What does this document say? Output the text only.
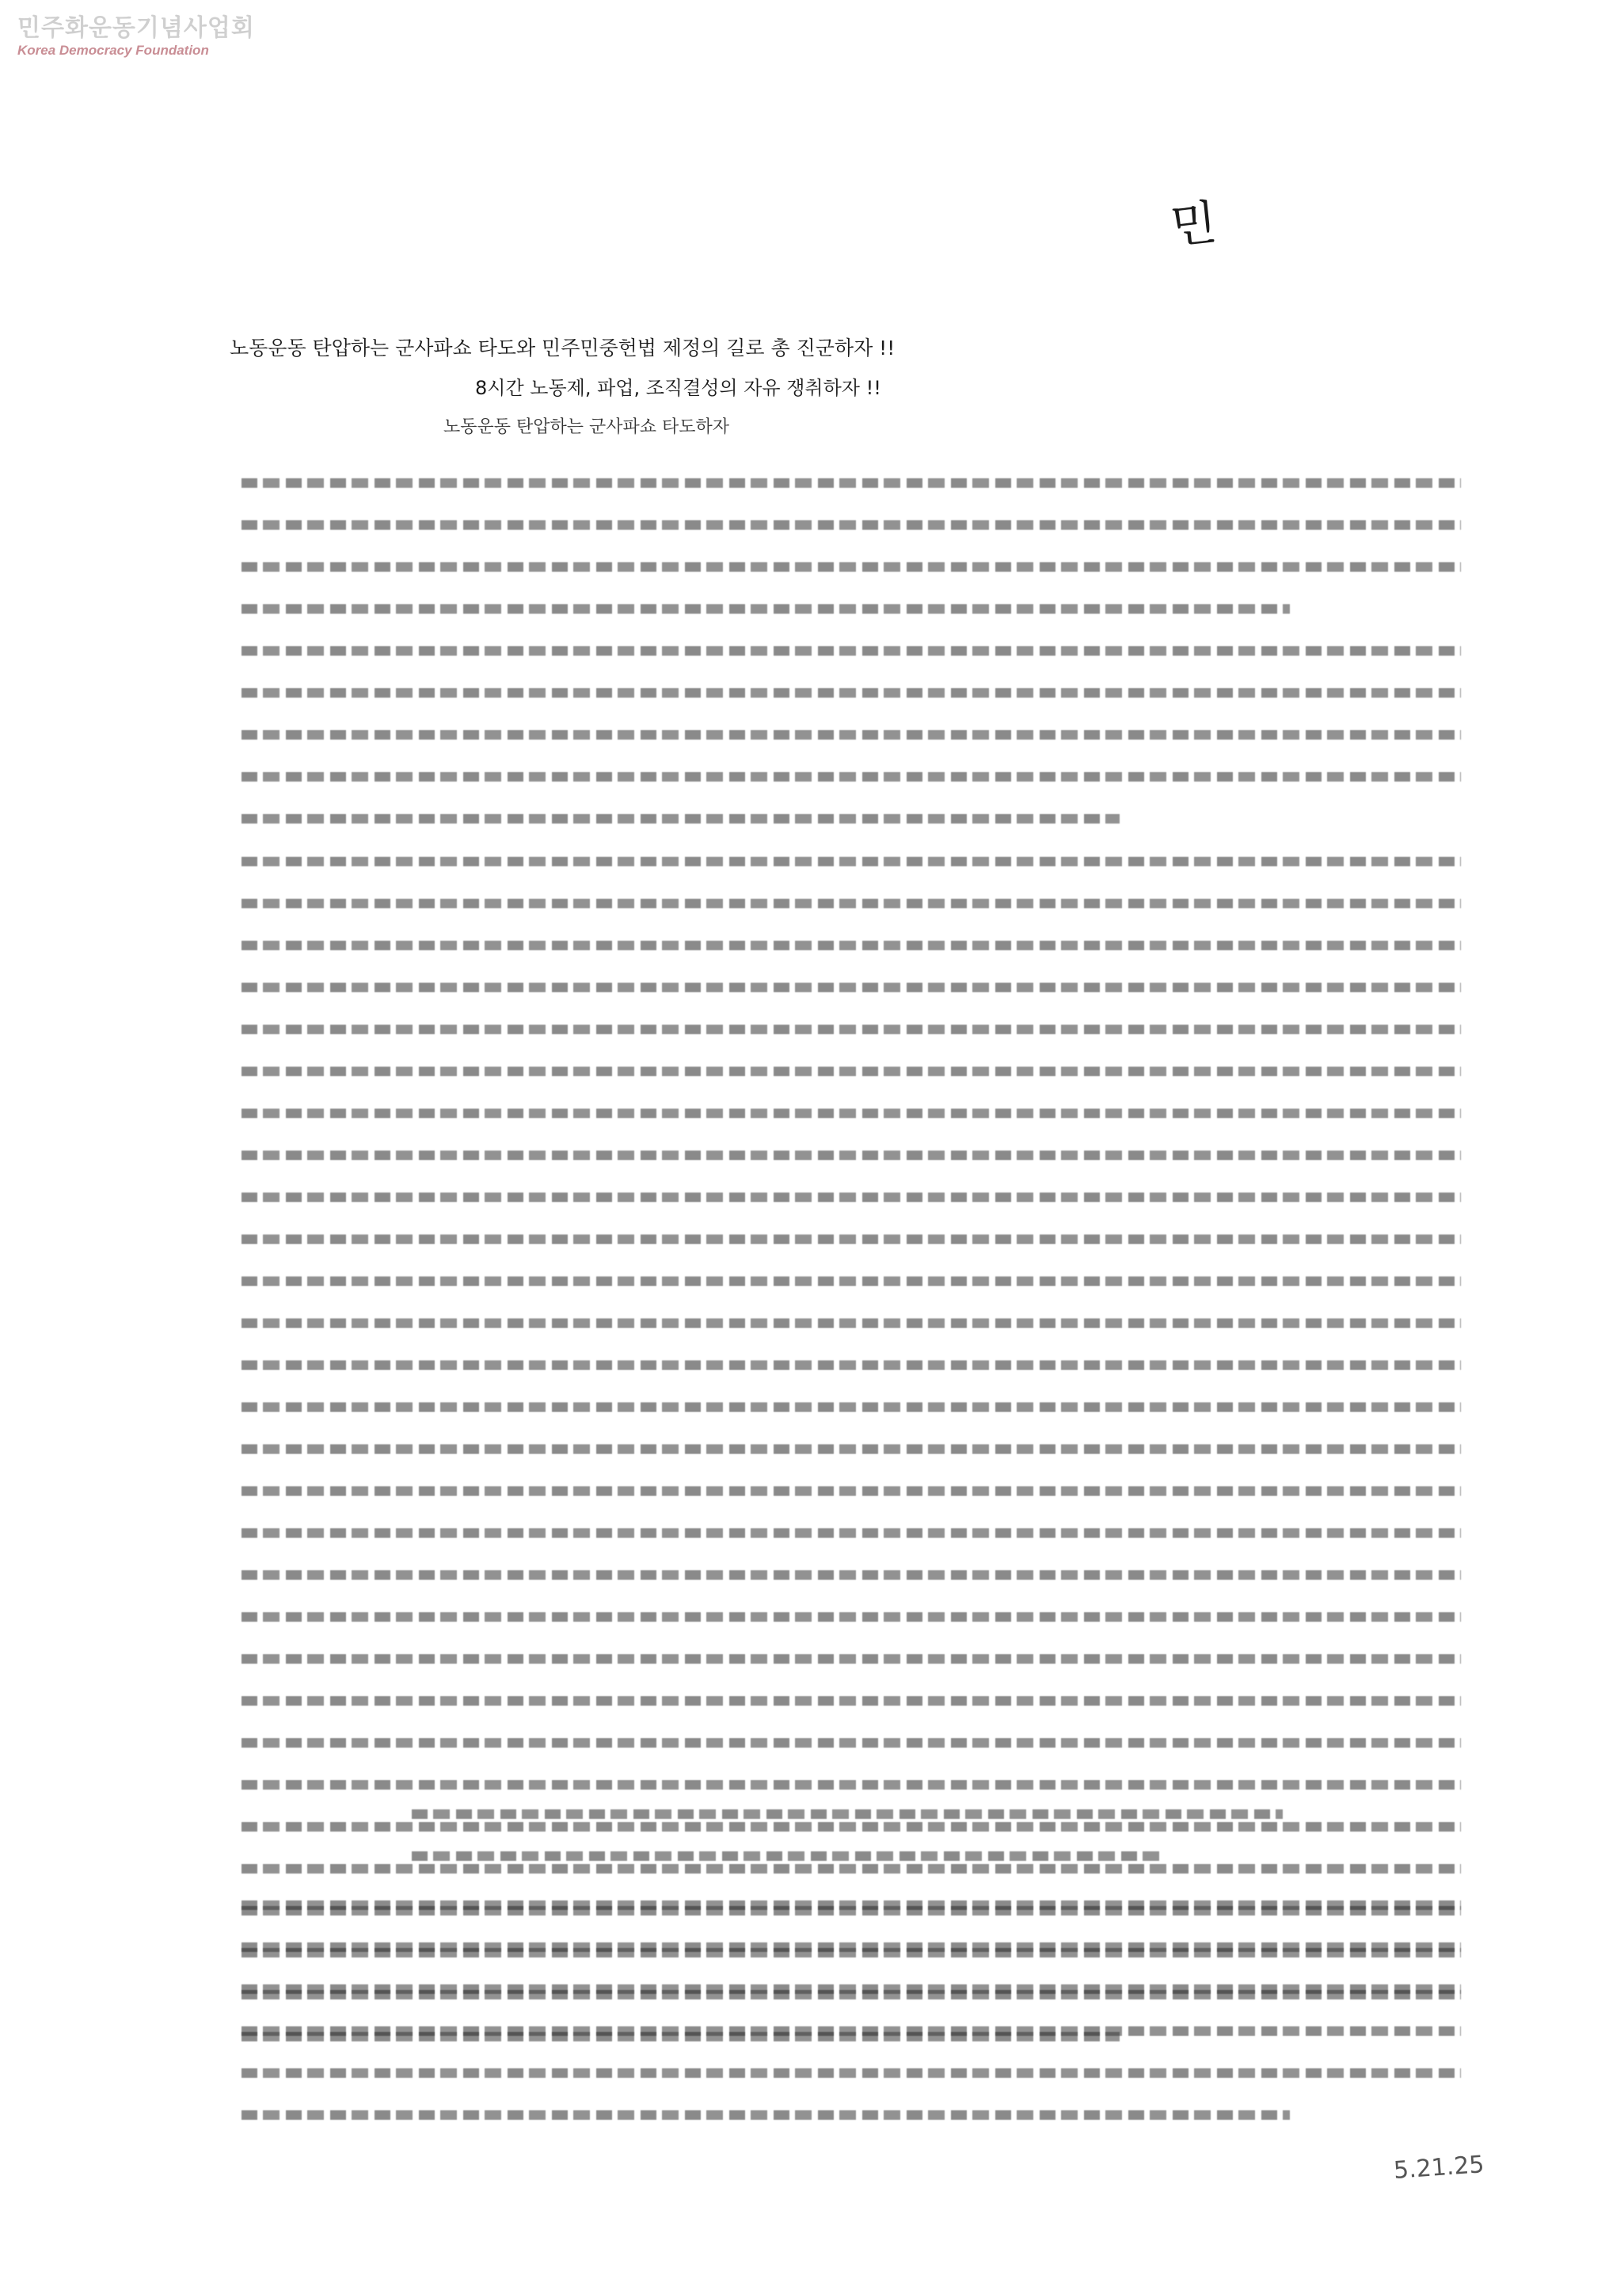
민주화운동기념사업회
Korea Democracy Foundation
민
노동운동 탄압하는 군사파쇼 타도와 민주민중헌법 제정의 길로 총 진군하자 !!
8시간 노동제, 파업, 조직결성의 자유 쟁취하자 !!
노동운동 탄압하는 군사파쇼 타도하자
5.21.25
